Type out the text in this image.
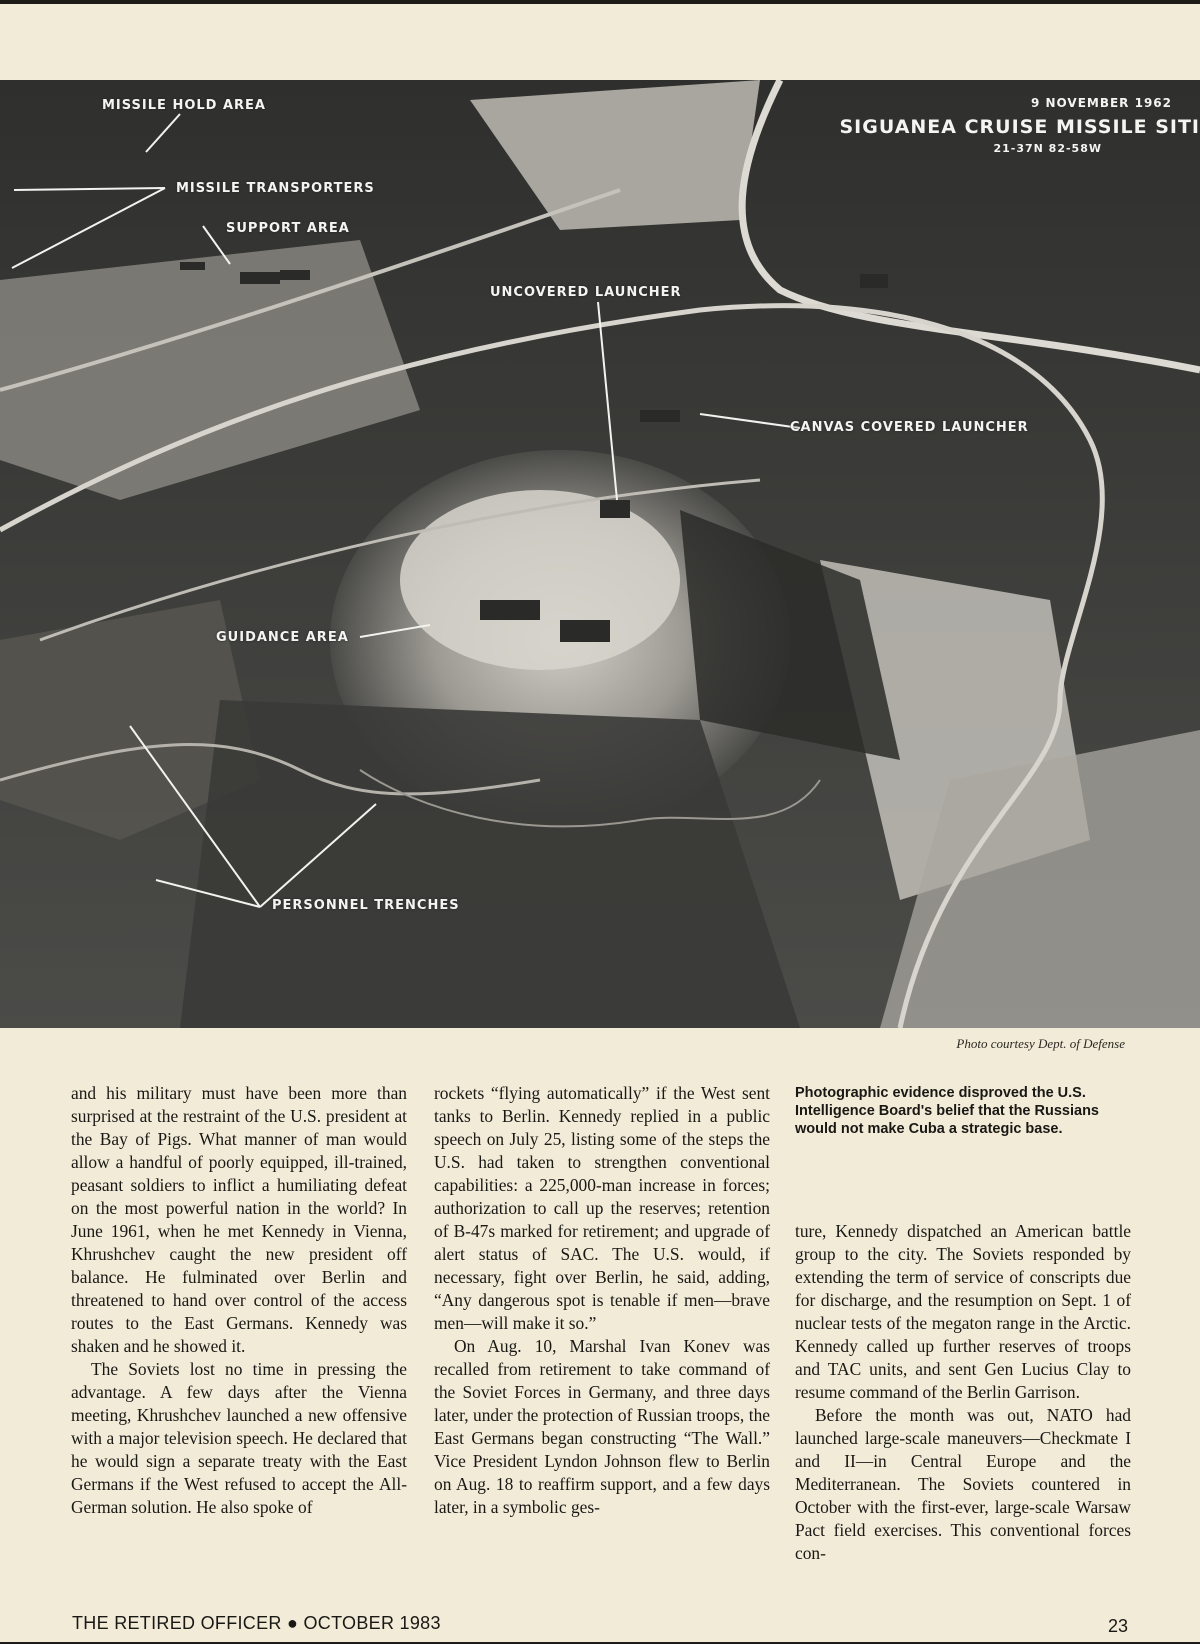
MISSILE HOLD AREA
MISSILE TRANSPORTERS
SUPPORT AREA
UNCOVERED LAUNCHER
CANVAS COVERED LAUNCHER
GUIDANCE AREA
PERSONNEL TRENCHES
9 NOVEMBER 1962
SIGUANEA CRUISE MISSILE SITI
21-37N 82-58W
Photo courtesy Dept. of Defense

and his military must have been more than surprised at the restraint of the U.S. president at the Bay of Pigs. What manner of man would allow a handful of poorly equipped, ill-trained, peasant soldiers to inflict a humiliating defeat on the most powerful nation in the world? In June 1961, when he met Kennedy in Vienna, Khrushchev caught the new president off balance. He fulminated over Berlin and threatened to hand over control of the access routes to the East Germans. Kennedy was shaken and he showed it.

The Soviets lost no time in pressing the advantage. A few days after the Vienna meeting, Khrushchev launched a new offensive with a major television speech. He declared that he would sign a separate treaty with the East Germans if the West refused to accept the All-German solution. He also spoke of

rockets “flying automatically” if the West sent tanks to Berlin. Kennedy replied in a public speech on July 25, listing some of the steps the U.S. had taken to strengthen conventional capabilities: a 225,000-man increase in forces; authorization to call up the reserves; retention of B-47s marked for retirement; and upgrade of alert status of SAC. The U.S. would, if necessary, fight over Berlin, he said, adding, “Any dangerous spot is tenable if men—brave men—will make it so.”

On Aug. 10, Marshal Ivan Konev was recalled from retirement to take command of the Soviet Forces in Germany, and three days later, under the protection of Russian troops, the East Germans began constructing “The Wall.” Vice President Lyndon Johnson flew to Berlin on Aug. 18 to reaffirm support, and a few days later, in a symbolic ges-

Photographic evidence disproved the U.S. Intelligence Board's belief that the Russians would not make Cuba a strategic base.

ture, Kennedy dispatched an American battle group to the city. The Soviets responded by extending the term of service of conscripts due for discharge, and the resumption on Sept. 1 of nuclear tests of the megaton range in the Arctic. Kennedy called up further reserves of troops and TAC units, and sent Gen Lucius Clay to resume command of the Berlin Garrison.

Before the month was out, NATO had launched large-scale maneuvers—Checkmate I and II—in Central Europe and the Mediterranean. The Soviets countered in October with the first-ever, large-scale Warsaw Pact field exercises. This conventional forces con-

THE RETIRED OFFICER ● OCTOBER 1983	23
